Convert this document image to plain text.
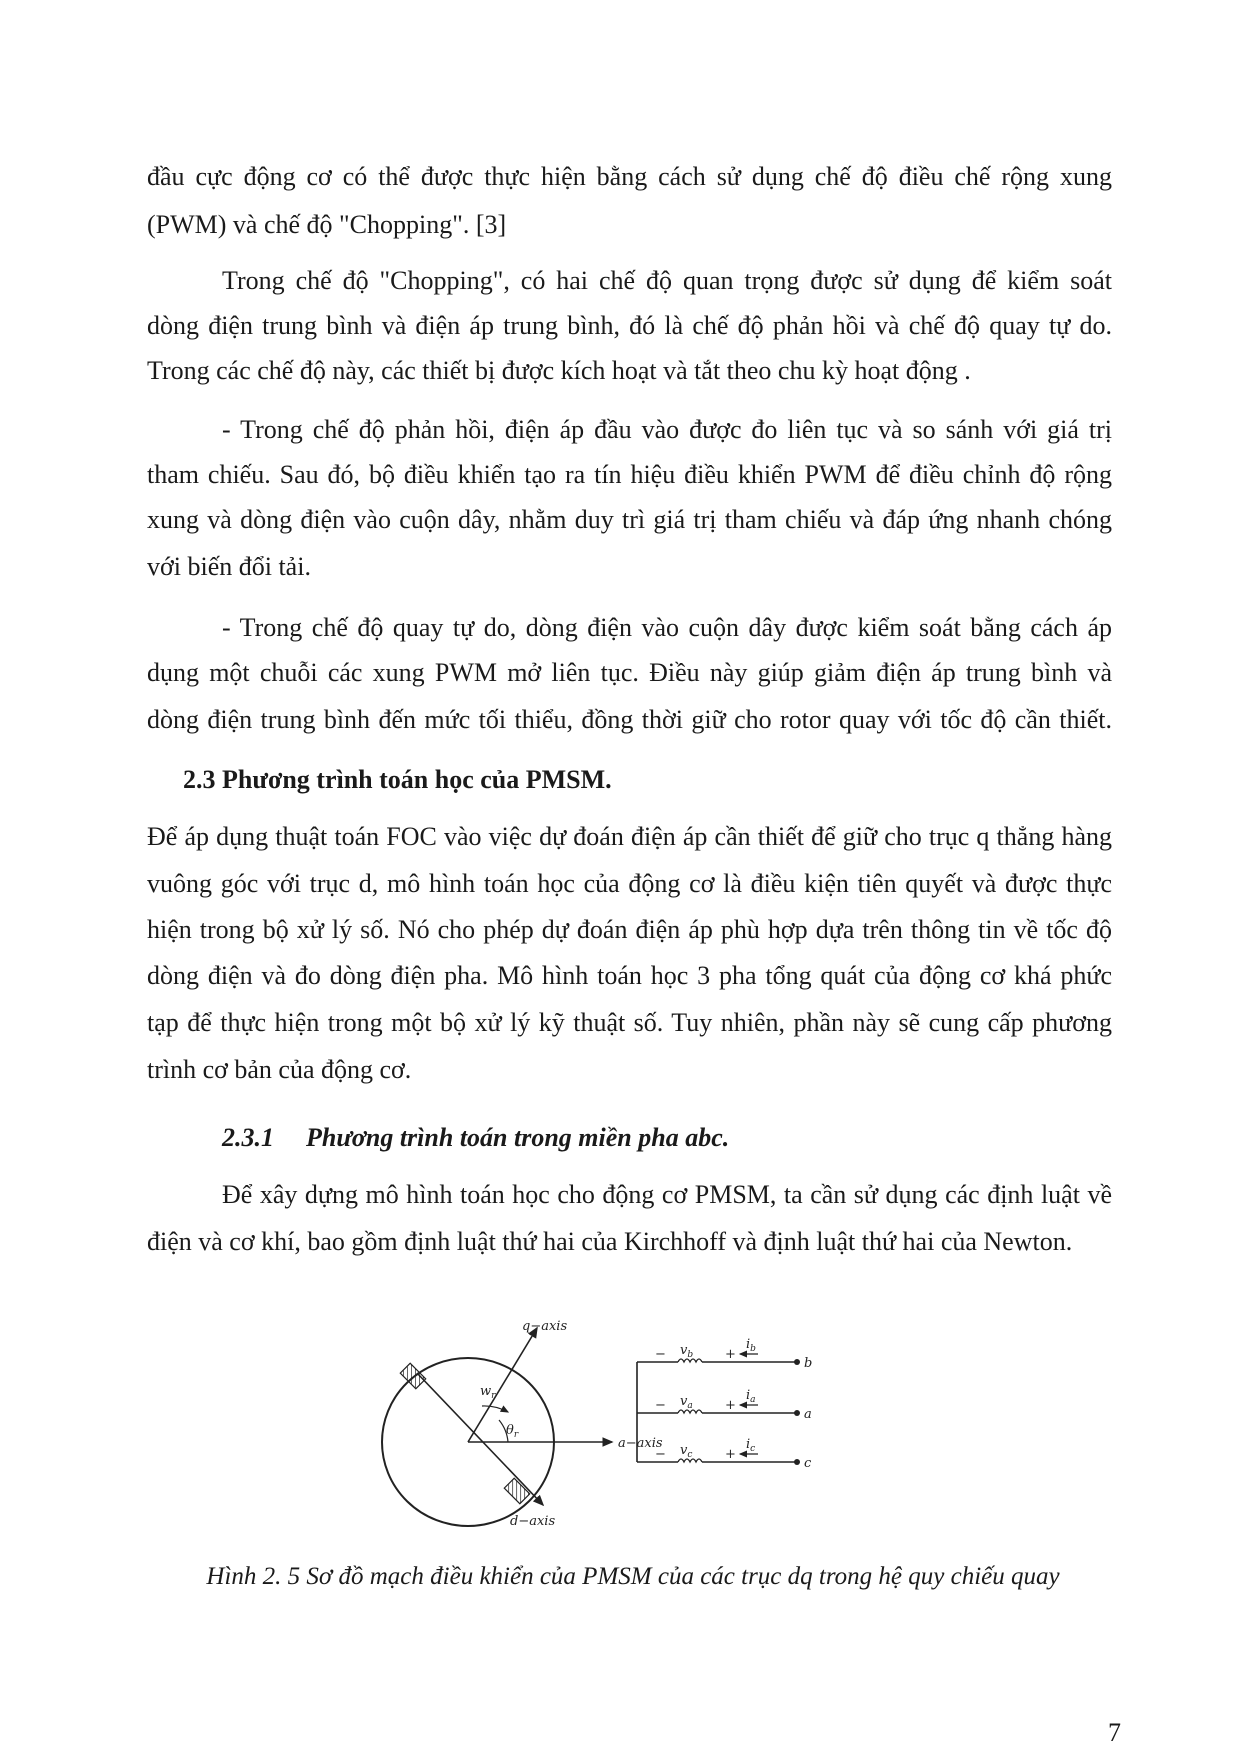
đầu cực động cơ có thể được thực hiện bằng cách sử dụng chế độ điều chế rộng xung
(PWM) và chế độ "Chopping". [3]
Trong chế độ "Chopping", có hai chế độ quan trọng được sử dụng để kiểm soát
dòng điện trung bình và điện áp trung bình, đó là chế độ phản hồi và chế độ quay tự do.
Trong các chế độ này, các thiết bị được kích hoạt và tắt theo chu kỳ hoạt động .
- Trong chế độ phản hồi, điện áp đầu vào được đo liên tục và so sánh với giá trị
tham chiếu. Sau đó, bộ điều khiển tạo ra tín hiệu điều khiển PWM để điều chỉnh độ rộng
xung và dòng điện vào cuộn dây, nhằm duy trì giá trị tham chiếu và đáp ứng nhanh chóng
với biến đổi tải.
- Trong chế độ quay tự do, dòng điện vào cuộn dây được kiểm soát bằng cách áp
dụng một chuỗi các xung PWM mở liên tục. Điều này giúp giảm điện áp trung bình và
dòng điện trung bình đến mức tối thiểu, đồng thời giữ cho rotor quay với tốc độ cần thiết.
2.3 Phương trình toán học của PMSM.
Để áp dụng thuật toán FOC vào việc dự đoán điện áp cần thiết để giữ cho trục q thẳng hàng
vuông góc với trục d, mô hình toán học của động cơ là điều kiện tiên quyết và được thực
hiện trong bộ xử lý số. Nó cho phép dự đoán điện áp phù hợp dựa trên thông tin về tốc độ
dòng điện và đo dòng điện pha. Mô hình toán học 3 pha tổng quát của động cơ khá phức
tạp để thực hiện trong một bộ xử lý kỹ thuật số. Tuy nhiên, phần này sẽ cung cấp phương
trình cơ bản của động cơ.
2.3.1 Phương trình toán trong miền pha abc.
Để xây dựng mô hình toán học cho động cơ PMSM, ta cần sử dụng các định luật về
điện và cơ khí, bao gồm định luật thứ hai của Kirchhoff và định luật thứ hai của Newton.
q−axis
d−axis
a−axis
$w_r$
$\theta_r$
−	+
$v_b$
$i_b$
b
−	+
$v_a$
$i_a$
a
−	+
$v_c$
$i_c$
c
Hình 2. 5 Sơ đồ mạch điều khiển của PMSM của các trục dq trong hệ quy chiếu quay
7
